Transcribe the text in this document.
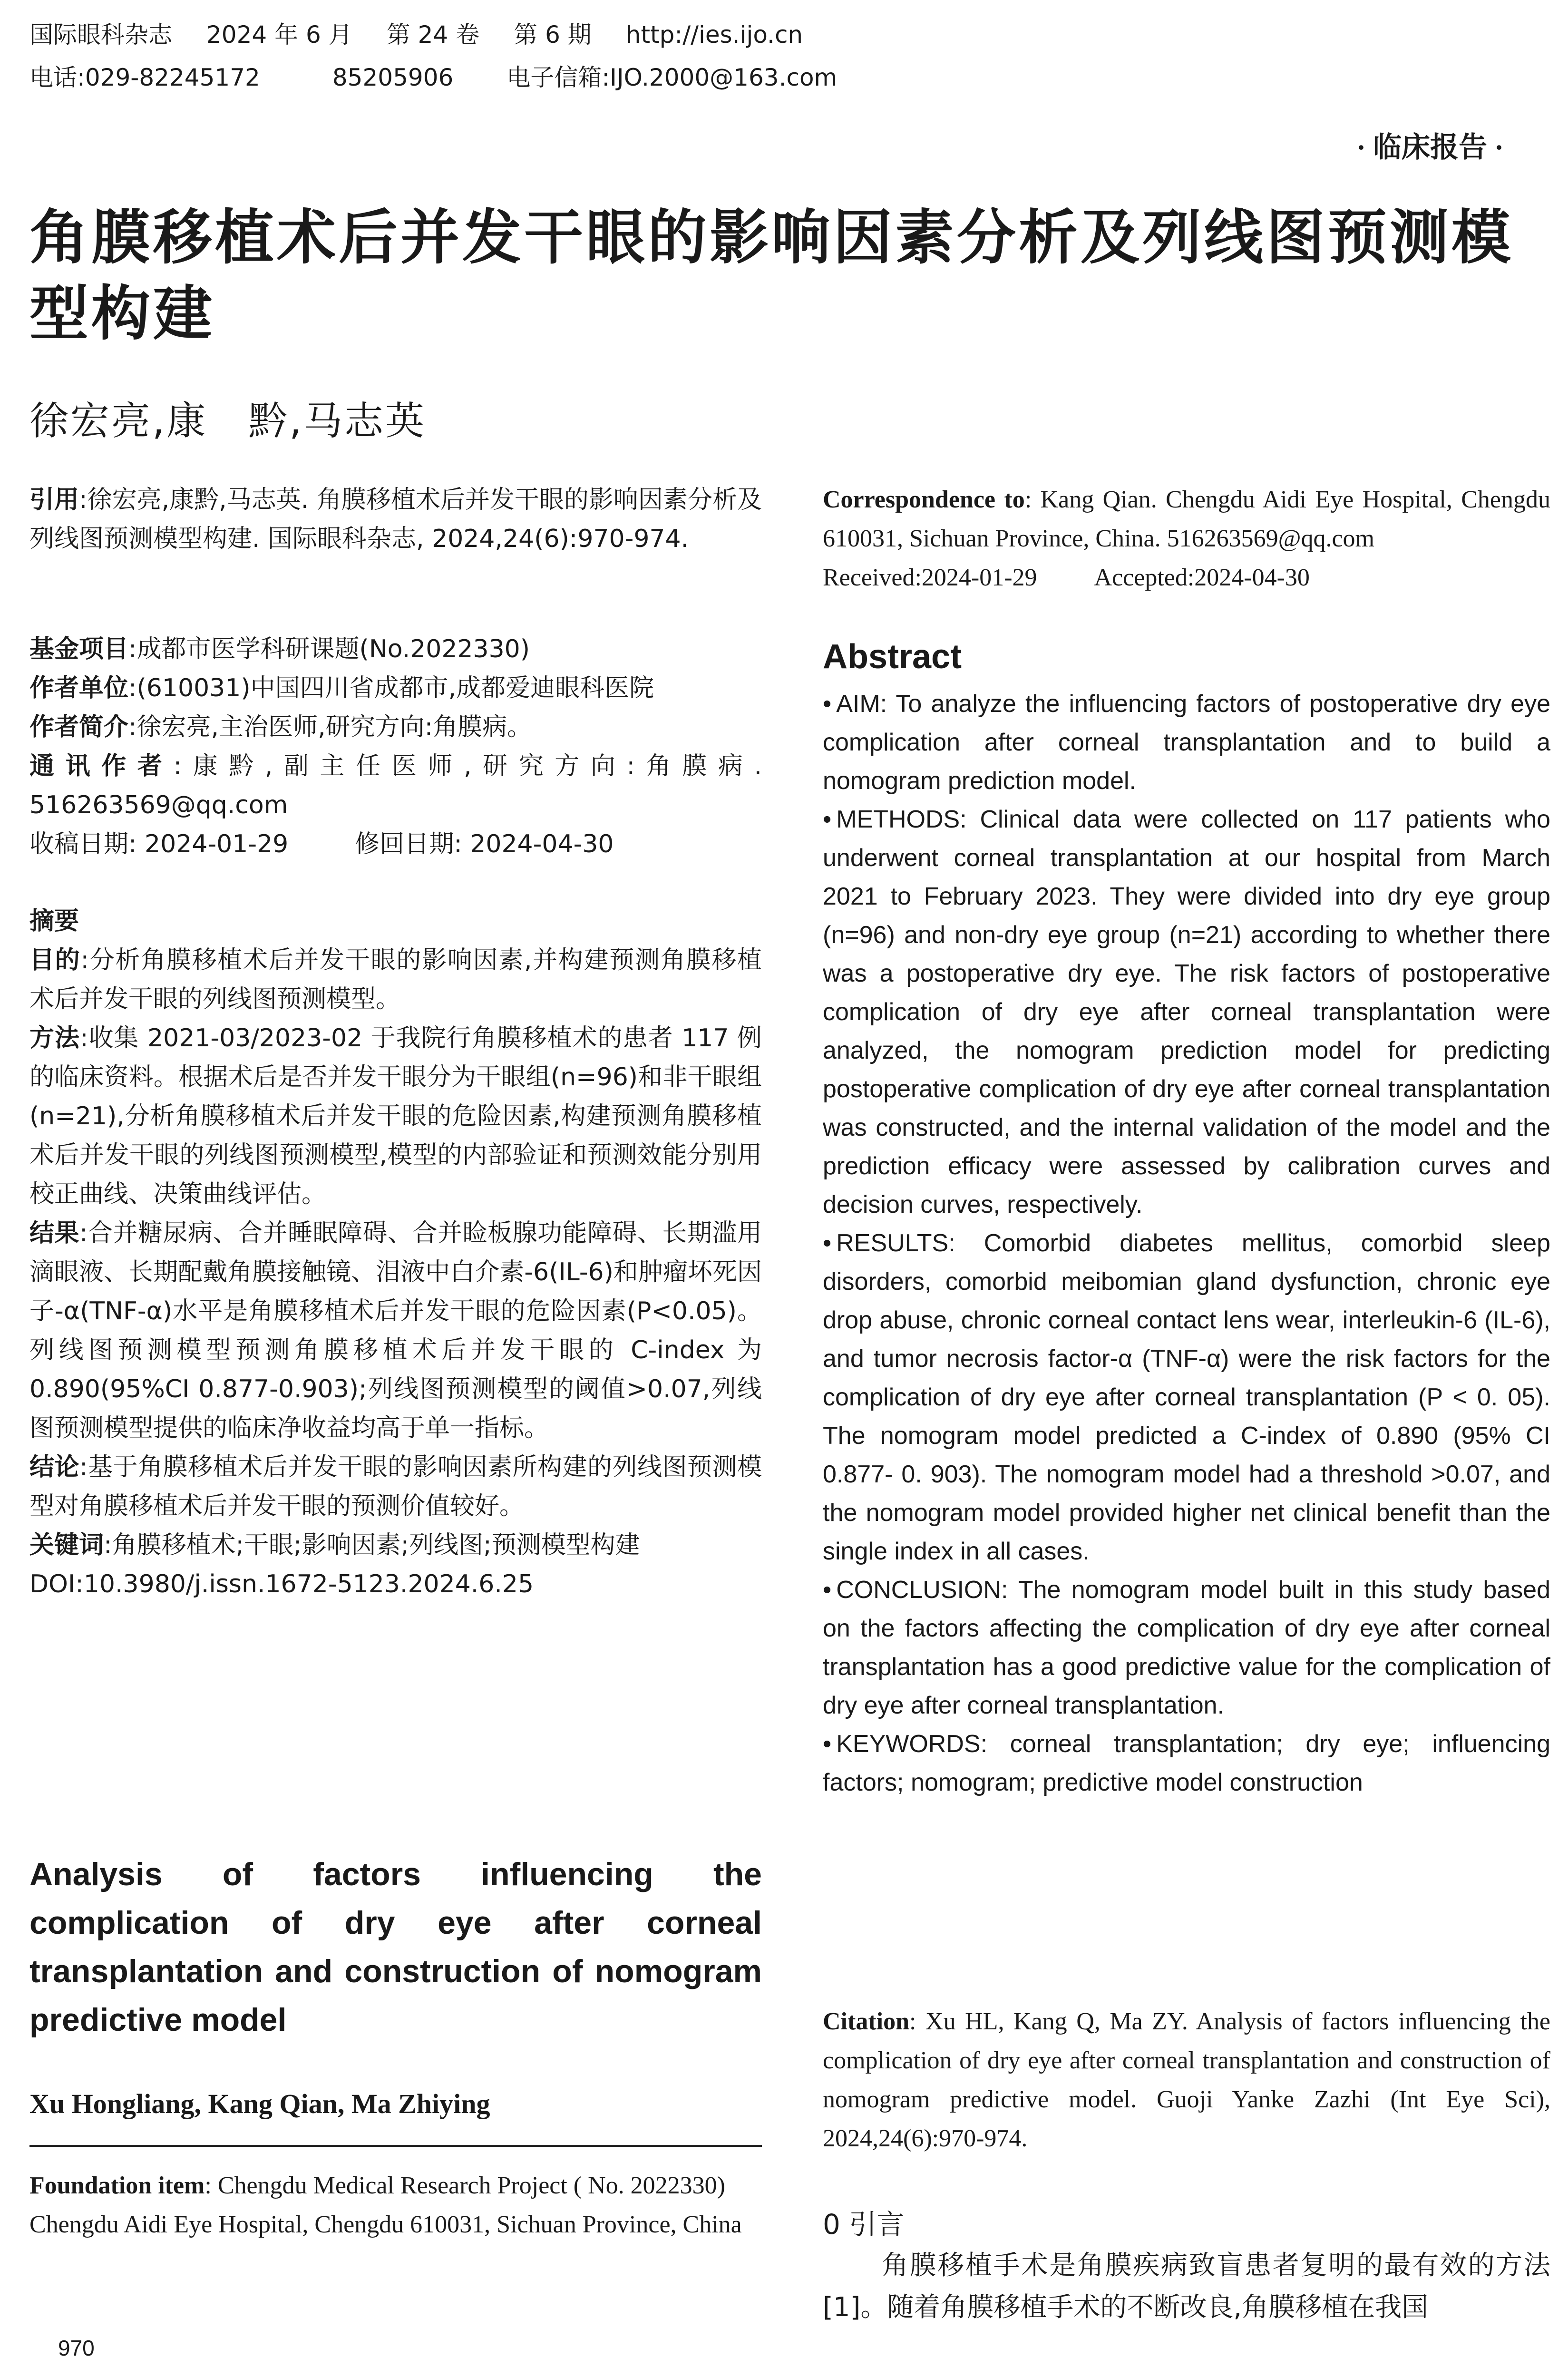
国际眼科杂志 2024 年 6 月 第 24 卷 第 6 期 http://ies.ijo.cn
电话:029-82245172	85205906 电子信箱:IJO.2000@163.com
· 临床报告 ·
角膜移植术后并发干眼的影响因素分析及列线图预测模
型构建
徐宏亮,康　黔,马志英

引用:徐宏亮,康黔,马志英. 角膜移植术后并发干眼的影响因素分析及列线图预测模型构建. 国际眼科杂志, 2024,24(6):970-974.

基金项目:成都市医学科研课题(No.2022330)

作者单位:(610031)中国四川省成都市,成都爱迪眼科医院

作者简介:徐宏亮,主治医师,研究方向:角膜病。

通讯作者:康黔,副主任医师,研究方向:角膜病. 516263569@qq.com

收稿日期: 2024-01-29	修回日期: 2024-04-30

摘要

目的:分析角膜移植术后并发干眼的影响因素,并构建预测角膜移植术后并发干眼的列线图预测模型。

方法:收集 2021-03/2023-02 于我院行角膜移植术的患者 117 例的临床资料。根据术后是否并发干眼分为干眼组(n=96)和非干眼组(n=21),分析角膜移植术后并发干眼的危险因素,构建预测角膜移植术后并发干眼的列线图预测模型,模型的内部验证和预测效能分别用校正曲线、决策曲线评估。

结果:合并糖尿病、合并睡眠障碍、合并睑板腺功能障碍、长期滥用滴眼液、长期配戴角膜接触镜、泪液中白介素-6(IL-6)和肿瘤坏死因子-α(TNF-α)水平是角膜移植术后并发干眼的危险因素(P<0.05)。列线图预测模型预测角膜移植术后并发干眼的 C-index 为 0.890(95%CI 0.877-0.903);列线图预测模型的阈值>0.07,列线图预测模型提供的临床净收益均高于单一指标。

结论:基于角膜移植术后并发干眼的影响因素所构建的列线图预测模型对角膜移植术后并发干眼的预测价值较好。

关键词:角膜移植术;干眼;影响因素;列线图;预测模型构建

DOI:10.3980/j.issn.1672-5123.2024.6.25

Analysis of factors influencing the complication of dry eye after corneal transplantation and construction of nomogram predictive model
Xu Hongliang, Kang Qian, Ma Zhiying

Foundation item: Chengdu Medical Research Project ( No. 2022330)

Chengdu Aidi Eye Hospital, Chengdu 610031, Sichuan Province, China

970

Correspondence to: Kang Qian. Chengdu Aidi Eye Hospital, Chengdu 610031, Sichuan Province, China. 516263569@qq.com

Received:2024-01-29 Accepted:2024-04-30

Abstract

• AIM: To analyze the influencing factors of postoperative dry eye complication after corneal transplantation and to build a nomogram prediction model.

• METHODS: Clinical data were collected on 117 patients who underwent corneal transplantation at our hospital from March 2021 to February 2023. They were divided into dry eye group (n=96) and non-dry eye group (n=21) according to whether there was a postoperative dry eye. The risk factors of postoperative complication of dry eye after corneal transplantation were analyzed, the nomogram prediction model for predicting postoperative complication of dry eye after corneal transplantation was constructed, and the internal validation of the model and the prediction efficacy were assessed by calibration curves and decision curves, respectively.

• RESULTS: Comorbid diabetes mellitus, comorbid sleep disorders, comorbid meibomian gland dysfunction, chronic eye drop abuse, chronic corneal contact lens wear, interleukin-6 (IL-6), and tumor necrosis factor-α (TNF-α) were the risk factors for the complication of dry eye after corneal transplantation (P < 0. 05). The nomogram model predicted a C-index of 0.890 (95% CI 0.877- 0. 903). The nomogram model had a threshold >0.07, and the nomogram model provided higher net clinical benefit than the single index in all cases.

• CONCLUSION: The nomogram model built in this study based on the factors affecting the complication of dry eye after corneal transplantation has a good predictive value for the complication of dry eye after corneal transplantation.

• KEYWORDS: corneal transplantation; dry eye; influencing factors; nomogram; predictive model construction

Citation: Xu HL, Kang Q, Ma ZY. Analysis of factors influencing the complication of dry eye after corneal transplantation and construction of nomogram predictive model. Guoji Yanke Zazhi (Int Eye Sci), 2024,24(6):970-974.

0 引言
角膜移植手术是角膜疾病致盲患者复明的最有效的方法[1]。随着角膜移植手术的不断改良,角膜移植在我国
